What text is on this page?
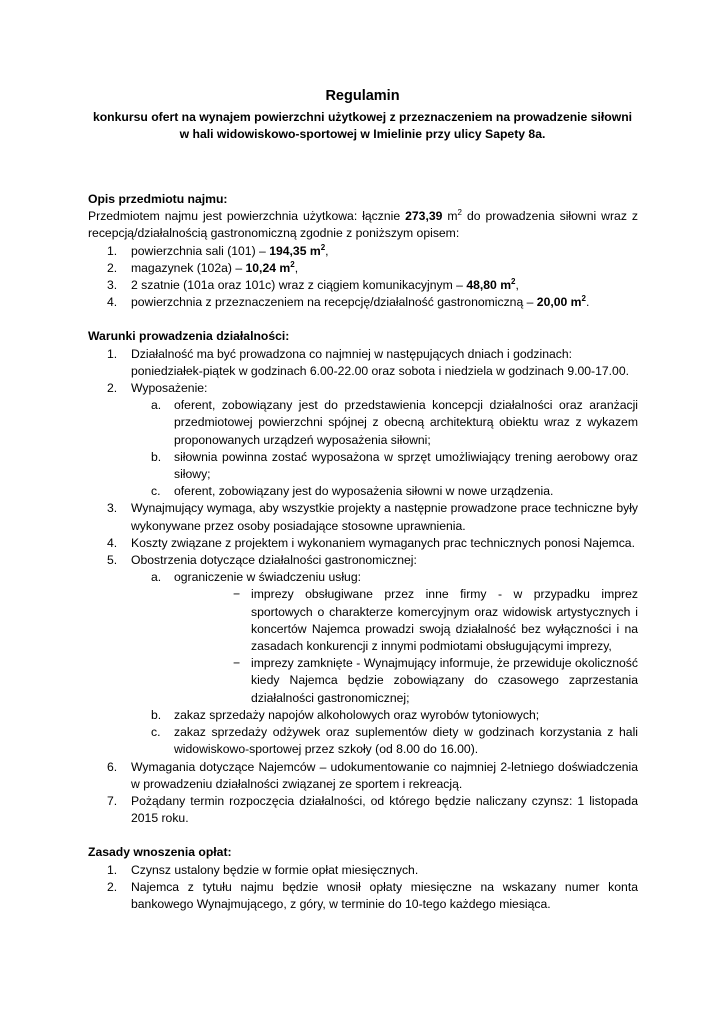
Regulamin
konkursu ofert na wynajem powierzchni użytkowej z przeznaczeniem na prowadzenie siłowni
w hali widowiskowo-sportowej w Imielinie przy ulicy Sapety 8a.

Opis przedmiotu najmu:

Przedmiotem najmu jest powierzchnia użytkowa: łącznie 273,39 $m^2$ do prowadzenia siłowni wraz z recepcją/działalnością gastronomiczną zgodnie z poniższym opisem:

1. powierzchnia sali (101) – 194,35 $m^2$,
2. magazynek (102a) – 10,24 $m^2$,
3. 2 szatnie (101a oraz 101c) wraz z ciągiem komunikacyjnym – 48,80 $m^2$,
4. powierzchnia z przeznaczeniem na recepcję/działalność gastronomiczną – 20,00 $m^2$.

Warunki prowadzenia działalności:

1. Działalność ma być prowadzona co najmniej w następujących dniach i godzinach:
poniedziałek-piątek w godzinach 6.00-22.00 oraz sobota i niedziela w godzinach 9.00-17.00.
2. Wyposażenie:
a. oferent, zobowiązany jest do przedstawienia koncepcji działalności oraz aranżacji przedmiotowej powierzchni spójnej z obecną architekturą obiektu wraz z wykazem proponowanych urządzeń wyposażenia siłowni;
b. siłownia powinna zostać wyposażona w sprzęt umożliwiający trening aerobowy oraz siłowy;
c. oferent, zobowiązany jest do wyposażenia siłowni w nowe urządzenia.
3. Wynajmujący wymaga, aby wszystkie projekty a następnie prowadzone prace techniczne były wykonywane przez osoby posiadające stosowne uprawnienia.
4. Koszty związane z projektem i wykonaniem wymaganych prac technicznych ponosi Najemca.
5. Obostrzenia dotyczące działalności gastronomicznej:
a. ograniczenie w świadczeniu usług:
− imprezy obsługiwane przez inne firmy - w przypadku imprez sportowych o charakterze komercyjnym oraz widowisk artystycznych i koncertów Najemca prowadzi swoją działalność bez wyłączności i na zasadach konkurencji z innymi podmiotami obsługującymi imprezy,
− imprezy zamknięte - Wynajmujący informuje, że przewiduje okoliczność kiedy Najemca będzie zobowiązany do czasowego zaprzestania działalności gastronomicznej;
b. zakaz sprzedaży napojów alkoholowych oraz wyrobów tytoniowych;
c. zakaz sprzedaży odżywek oraz suplementów diety w godzinach korzystania z hali widowiskowo-sportowej przez szkoły (od 8.00 do 16.00).
6. Wymagania dotyczące Najemców – udokumentowanie co najmniej 2-letniego doświadczenia w prowadzeniu działalności związanej ze sportem i rekreacją.
7. Pożądany termin rozpoczęcia działalności, od którego będzie naliczany czynsz: 1 listopada 2015 roku.

Zasady wnoszenia opłat:

1. Czynsz ustalony będzie w formie opłat miesięcznych.
2. Najemca z tytułu najmu będzie wnosił opłaty miesięczne na wskazany numer konta bankowego Wynajmującego, z góry, w terminie do 10-tego każdego miesiąca.
